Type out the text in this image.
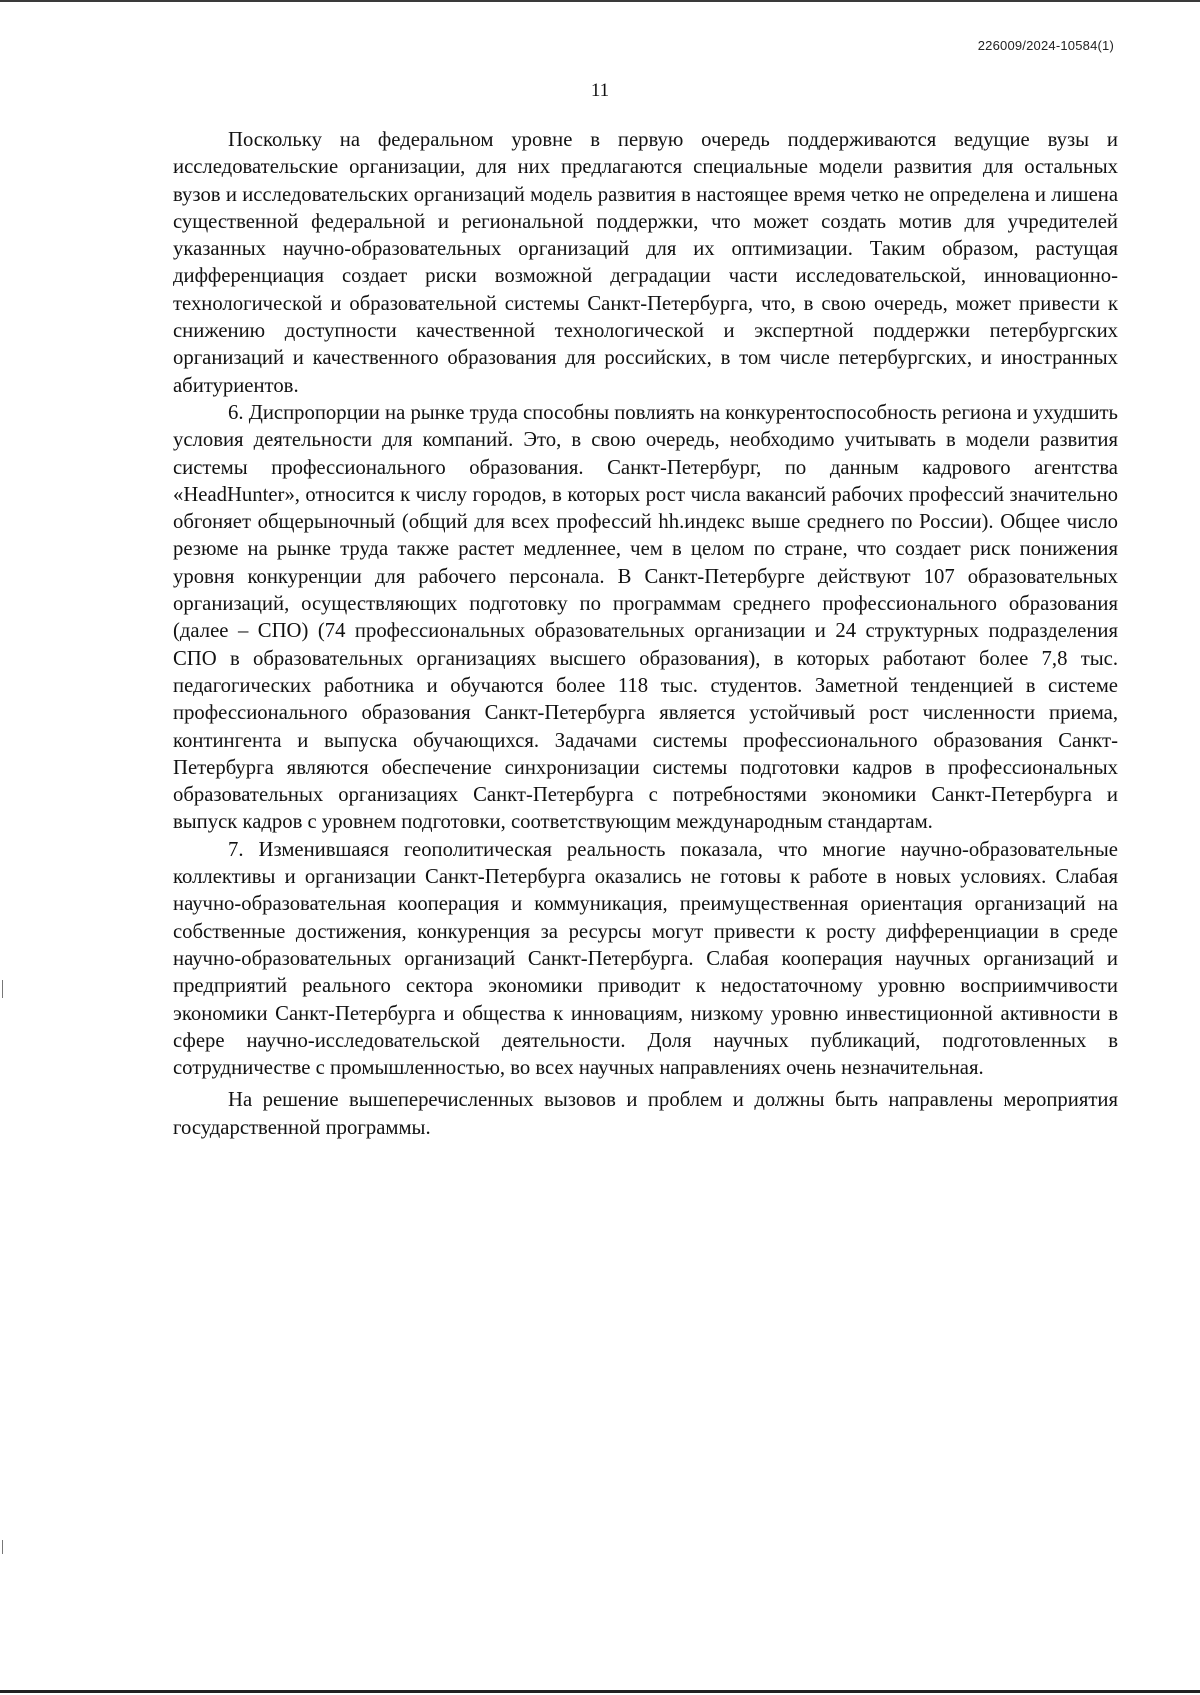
226009/2024-10584(1)
11

Поскольку на федеральном уровне в первую очередь поддерживаются ведущие вузы и исследовательские организации, для них предлагаются специальные модели развития для остальных вузов и исследовательских организаций модель развития в настоящее время четко не определена и лишена существенной федеральной и региональной поддержки, что может создать мотив для учредителей указанных научно-образовательных организаций для их оптимизации. Таким образом, растущая дифференциация создает риски возможной деградации части исследовательской, инновационно-технологической и образовательной системы Санкт-Петербурга, что, в свою очередь, может привести к снижению доступности качественной технологической и экспертной поддержки петербургских организаций и качественного образования для российских, в том числе петербургских, и иностранных абитуриентов.

6. Диспропорции на рынке труда способны повлиять на конкурентоспособность региона и ухудшить условия деятельности для компаний. Это, в свою очередь, необходимо учитывать в модели развития системы профессионального образования. Санкт-Петербург, по данным кадрового агентства «HeadHunter», относится к числу городов, в которых рост числа вакансий рабочих профессий значительно обгоняет общерыночный (общий для всех профессий hh.индекс выше среднего по России). Общее число резюме на рынке труда также растет медленнее, чем в целом по стране, что создает риск понижения уровня конкуренции для рабочего персонала. В Санкт-Петербурге действуют 107 образовательных организаций, осуществляющих подготовку по программам среднего профессионального образования (далее – СПО) (74 профессиональных образовательных организации и 24 структурных подразделения СПО в образовательных организациях высшего образования), в которых работают более 7,8 тыс. педагогических работника и обучаются более 118 тыс. студентов. Заметной тенденцией в системе профессионального образования Санкт-Петербурга является устойчивый рост численности приема, контингента и выпуска обучающихся. Задачами системы профессионального образования Санкт-Петербурга являются обеспечение синхронизации системы подготовки кадров в профессиональных образовательных организациях Санкт-Петербурга с потребностями экономики Санкт-Петербурга и выпуск кадров с уровнем подготовки, соответствующим международным стандартам.

7. Изменившаяся геополитическая реальность показала, что многие научно-образовательные коллективы и организации Санкт-Петербурга оказались не готовы к работе в новых условиях. Слабая научно-образовательная кооперация и коммуникация, преимущественная ориентация организаций на собственные достижения, конкуренция за ресурсы могут привести к росту дифференциации в среде научно-образовательных организаций Санкт-Петербурга. Слабая кооперация научных организаций и предприятий реального сектора экономики приводит к недостаточному уровню восприимчивости экономики Санкт-Петербурга и общества к инновациям, низкому уровню инвестиционной активности в сфере научно-исследовательской деятельности. Доля научных публикаций, подготовленных в сотрудничестве с промышленностью, во всех научных направлениях очень незначительная.

На решение вышеперечисленных вызовов и проблем и должны быть направлены мероприятия государственной программы.
